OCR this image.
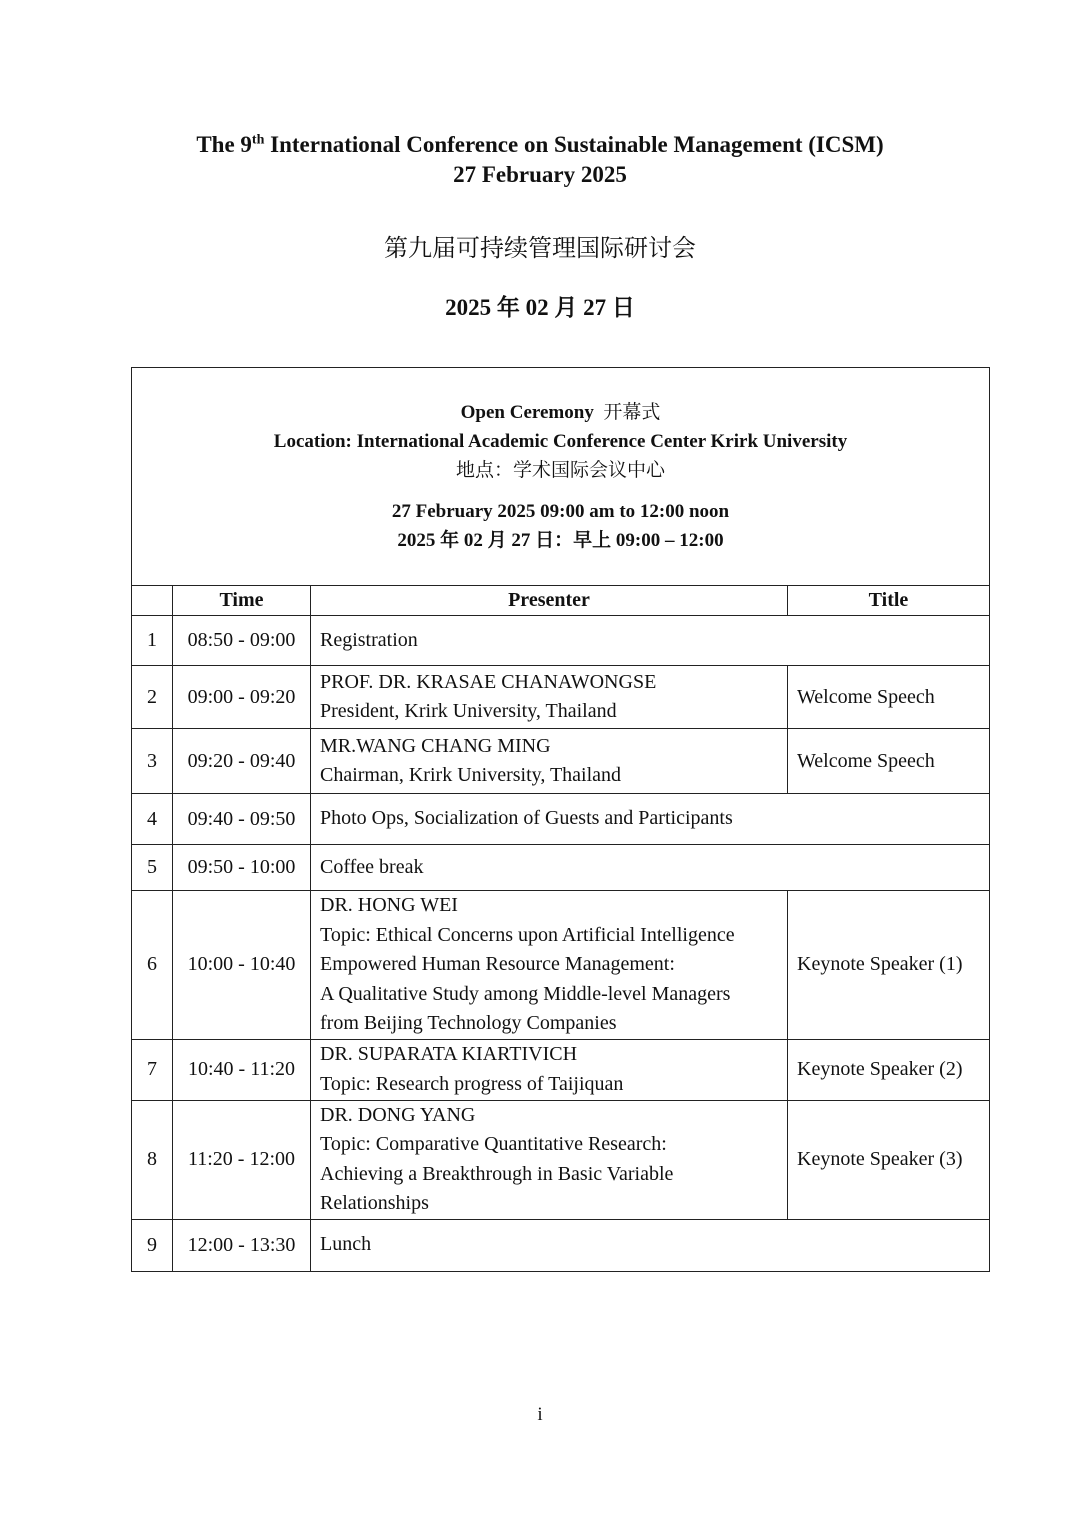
The 9th International Conference on Sustainable Management (ICSM)
27 February 2025
第九届可持续管理国际研讨会
2025 年 02 月 27 日
Open Ceremony 开幕式
Location: International Academic Conference Center Krirk University
地点：学术国际会议中心
27 February 2025 09:00 am to 12:00 noon
2025 年 02 月 27 日：早上 09:00 – 12:00			

	Time	Presenter	Title
1	08:50 - 09:00	Registration	

2	09:00 - 09:20	PROF. DR. KRASAE CHANAWONGSE
President, Krirk University, Thailand	Welcome Speech
3	09:20 - 09:40	MR.WANG CHANG MING
Chairman, Krirk University, Thailand	Welcome Speech
4	09:40 - 09:50	Photo Ops, Socialization of Guests and Participants	

5	09:50 - 10:00	Coffee break	

6	10:00 - 10:40	DR. HONG WEI
Topic: Ethical Concerns upon Artificial Intelligence
Empowered Human Resource Management:
A Qualitative Study among Middle-level Managers
from Beijing Technology Companies	Keynote Speaker (1)
7	10:40 - 11:20	DR. SUPARATA KIARTIVICH
Topic: Research progress of Taijiquan	Keynote Speaker (2)
8	11:20 - 12:00	DR. DONG YANG
Topic: Comparative Quantitative Research:
Achieving a Breakthrough in Basic Variable
Relationships	Keynote Speaker (3)
9	12:00 - 13:30	Lunch	
i
